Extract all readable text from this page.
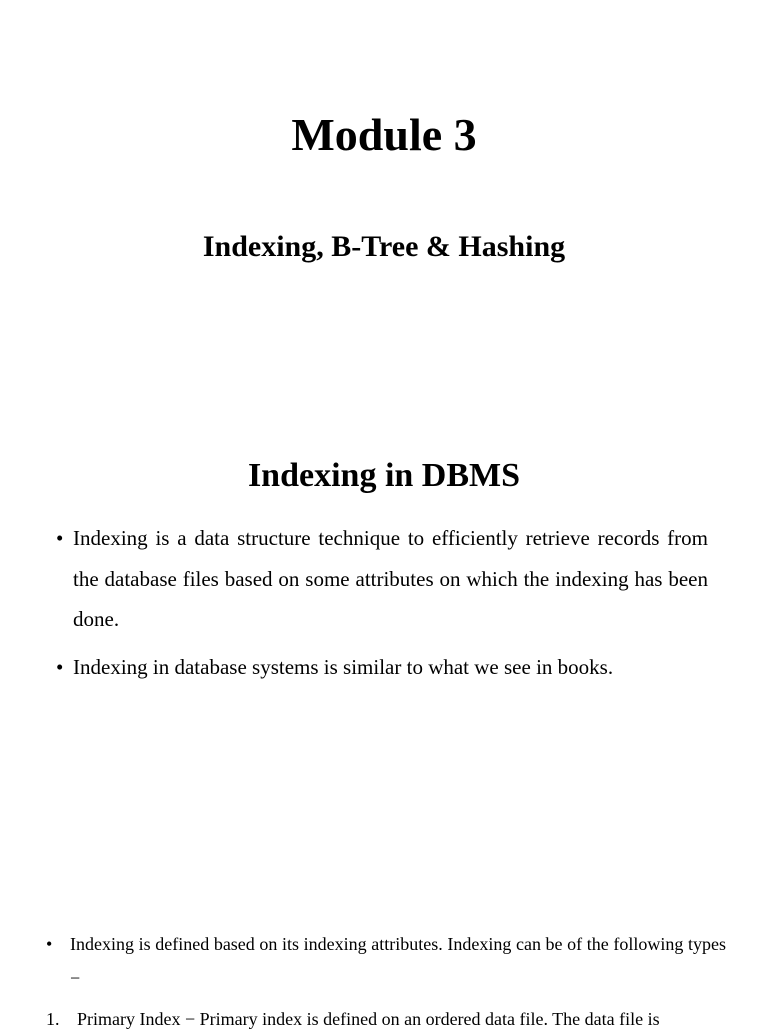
Module 3
Indexing, B-Tree & Hashing
Indexing in DBMS
• Indexing is a data structure technique to efficiently retrieve records from the database files based on some attributes on which the indexing has been done.
• Indexing in database systems is similar to what we see in books.
• Indexing is defined based on its indexing attributes. Indexing can be of the following types −
1. Primary Index − Primary index is defined on an ordered data file. The data file is
